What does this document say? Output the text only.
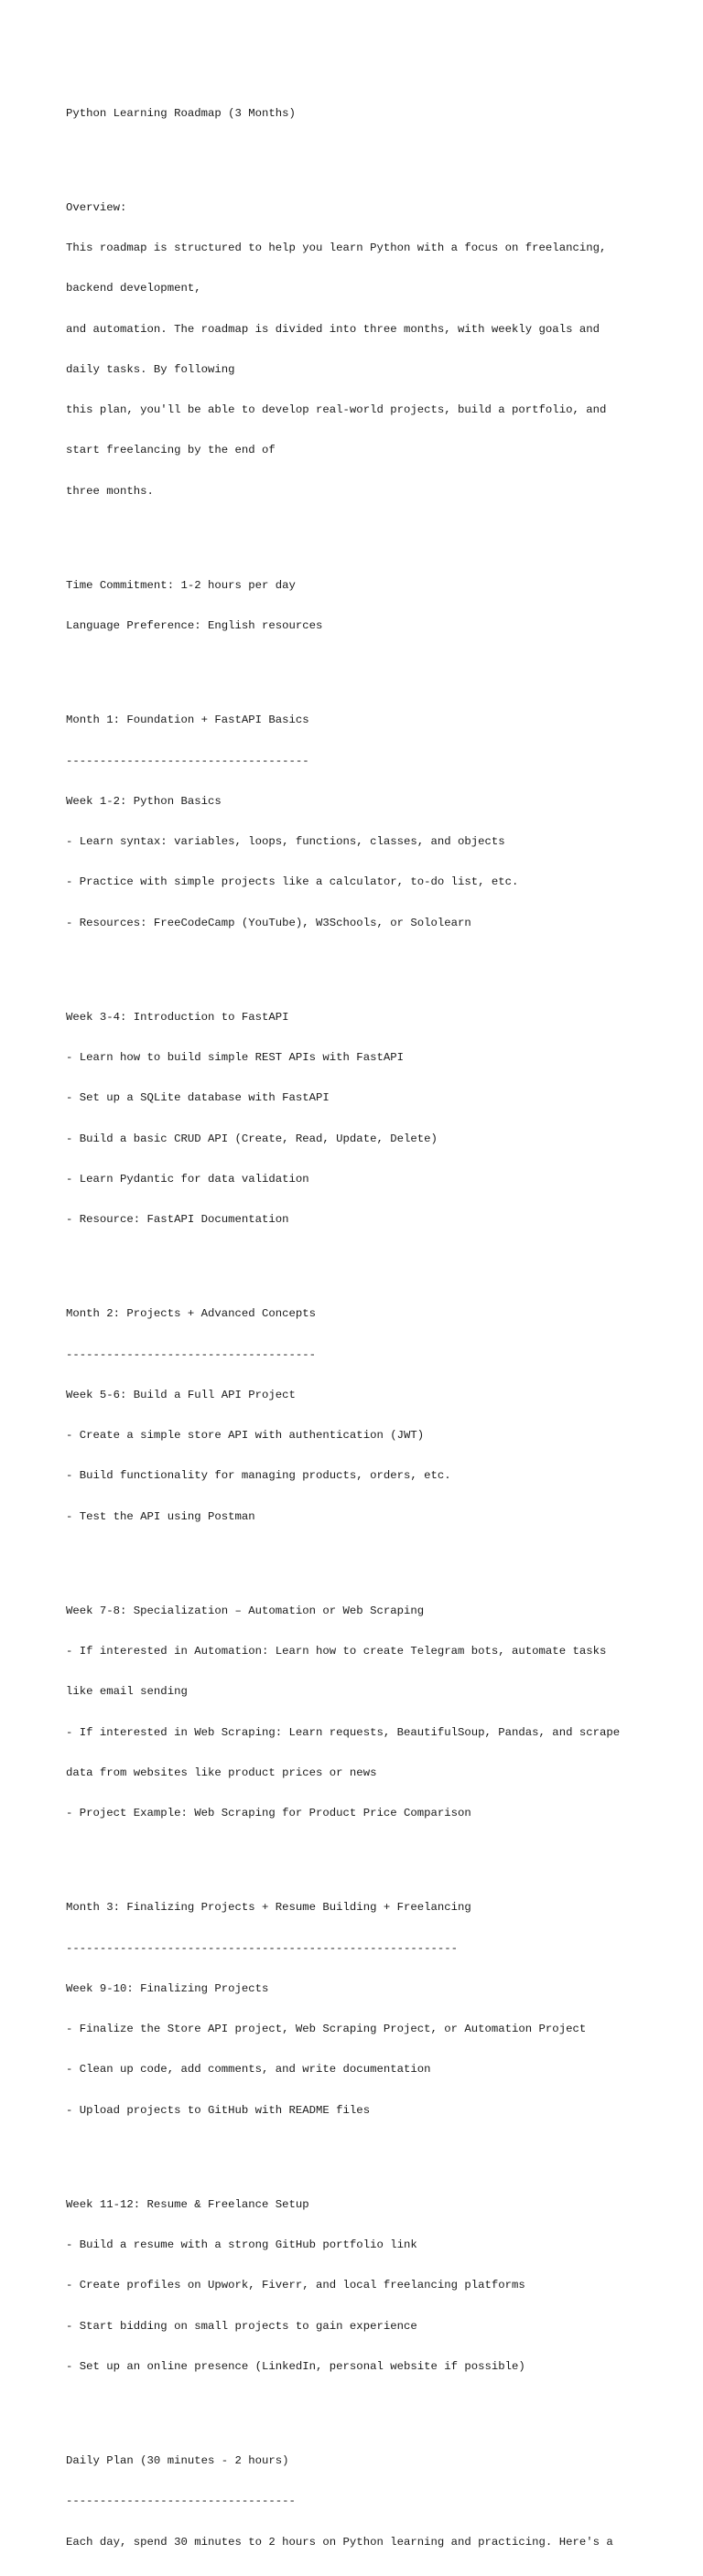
Python Learning Roadmap (3 Months)

Overview:

This roadmap is structured to help you learn Python with a focus on freelancing,

backend development,

and automation. The roadmap is divided into three months, with weekly goals and

daily tasks. By following

this plan, you'll be able to develop real-world projects, build a portfolio, and

start freelancing by the end of

three months.

Time Commitment: 1-2 hours per day

Language Preference: English resources

Month 1: Foundation + FastAPI Basics

------------------------------------

Week 1-2: Python Basics

- Learn syntax: variables, loops, functions, classes, and objects

- Practice with simple projects like a calculator, to-do list, etc.

- Resources: FreeCodeCamp (YouTube), W3Schools, or Sololearn

Week 3-4: Introduction to FastAPI

- Learn how to build simple REST APIs with FastAPI

- Set up a SQLite database with FastAPI

- Build a basic CRUD API (Create, Read, Update, Delete)

- Learn Pydantic for data validation

- Resource: FastAPI Documentation

Month 2: Projects + Advanced Concepts

-------------------------------------

Week 5-6: Build a Full API Project

- Create a simple store API with authentication (JWT)

- Build functionality for managing products, orders, etc.

- Test the API using Postman

Week 7-8: Specialization – Automation or Web Scraping

- If interested in Automation: Learn how to create Telegram bots, automate tasks

like email sending

- If interested in Web Scraping: Learn requests, BeautifulSoup, Pandas, and scrape

data from websites like product prices or news

- Project Example: Web Scraping for Product Price Comparison

Month 3: Finalizing Projects + Resume Building + Freelancing

----------------------------------------------------------

Week 9-10: Finalizing Projects

- Finalize the Store API project, Web Scraping Project, or Automation Project

- Clean up code, add comments, and write documentation

- Upload projects to GitHub with README files

Week 11-12: Resume & Freelance Setup

- Build a resume with a strong GitHub portfolio link

- Create profiles on Upwork, Fiverr, and local freelancing platforms

- Start bidding on small projects to gain experience

- Set up an online presence (LinkedIn, personal website if possible)

Daily Plan (30 minutes - 2 hours)

----------------------------------

Each day, spend 30 minutes to 2 hours on Python learning and practicing. Here's a
